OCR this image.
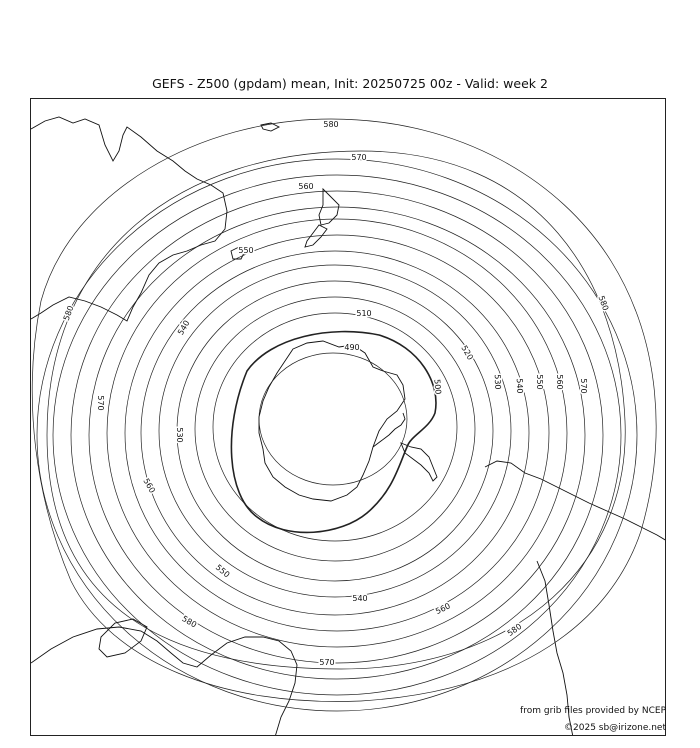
GEFS - Z500 (gpdam) mean, Init: 20250725 00z - Valid: week 2
580
570
560
550
540
510
490	520
500	530 540 550 560 570
580
580
570
530
560
550
540
560
580
580
570
from grib files provided by NCEP
©2025 sb@irizone.net
